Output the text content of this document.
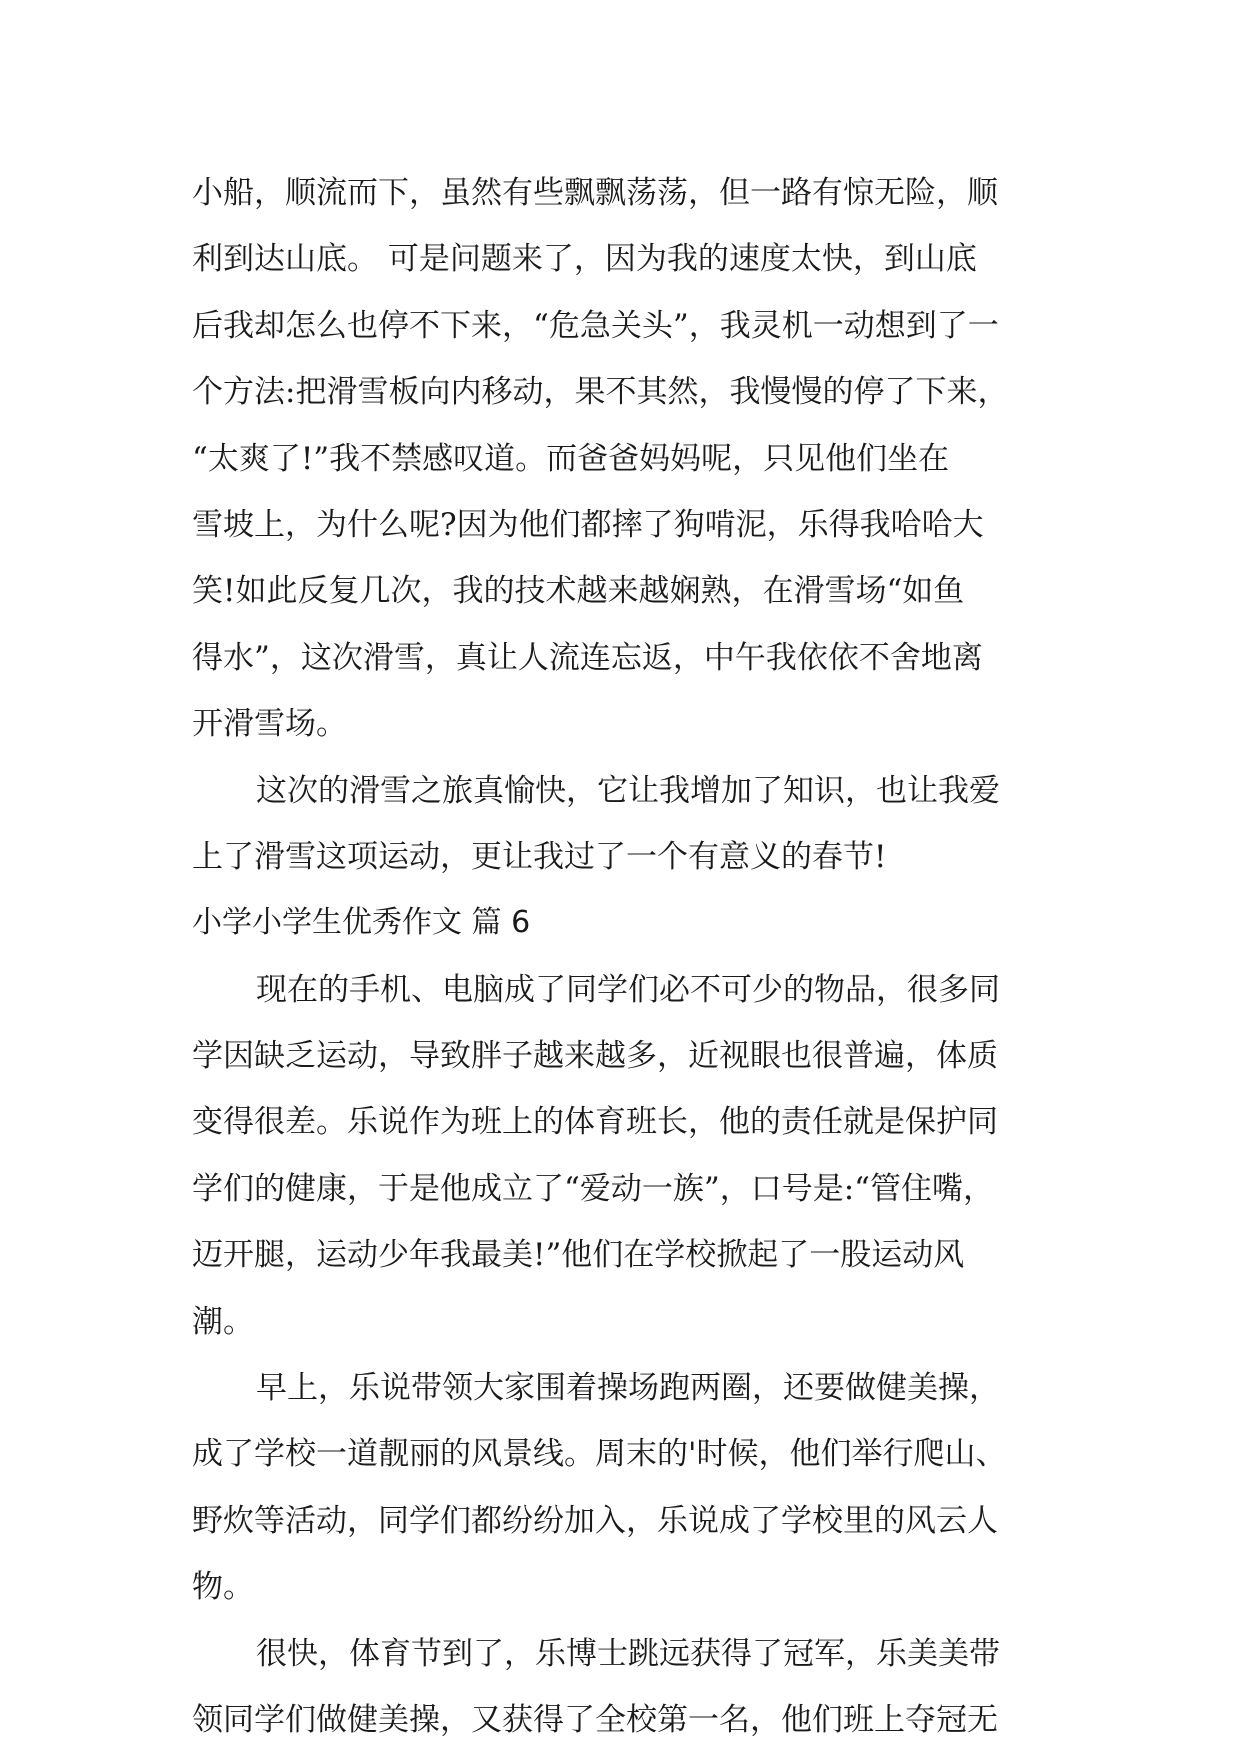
小船，顺流而下，虽然有些飘飘荡荡，但一路有惊无险，顺
利到达山底。 可是问题来了，因为我的速度太快，到山底
后我却怎么也停不下来，“危急关头”，我灵机一动想到了一
个方法:把滑雪板向内移动，果不其然，我慢慢的停了下来，
“太爽了!”我不禁感叹道。而爸爸妈妈呢，只见他们坐在
雪坡上，为什么呢?因为他们都摔了狗啃泥，乐得我哈哈大
笑!如此反复几次，我的技术越来越娴熟，在滑雪场“如鱼
得水”，这次滑雪，真让人流连忘返，中午我依依不舍地离
开滑雪场。
这次的滑雪之旅真愉快，它让我增加了知识，也让我爱
上了滑雪这项运动，更让我过了一个有意义的春节!
小学小学生优秀作文 篇 6
现在的手机、电脑成了同学们必不可少的物品，很多同
学因缺乏运动，导致胖子越来越多，近视眼也很普遍，体质
变得很差。乐说作为班上的体育班长，他的责任就是保护同
学们的健康，于是他成立了“爱动一族”，口号是:“管住嘴，
迈开腿，运动少年我最美!”他们在学校掀起了一股运动风
潮。
早上，乐说带领大家围着操场跑两圈，还要做健美操，
成了学校一道靓丽的风景线。周末的'时候，他们举行爬山、
野炊等活动，同学们都纷纷加入，乐说成了学校里的风云人
物。
很快，体育节到了，乐博士跳远获得了冠军，乐美美带
领同学们做健美操，又获得了全校第一名，他们班上夺冠无
